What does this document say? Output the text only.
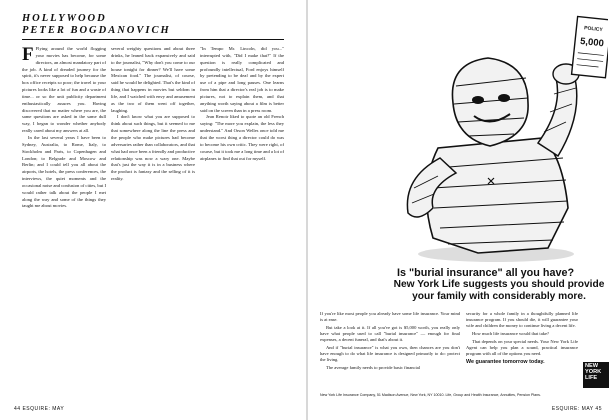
HOLLYWOOD
PETER BOGDANOVICH

F Flying around the world flogging your movies has become, for some directors, an almost mandatory part of the job. A kind of dreaded journey for the spirit, it's never supposed to help because the box office receipts so poor; the travel to your pictures looks like a lot of fun and a waste of time... or so the unit publicity department enthusiastically assures you. Having discovered that no matter where you are, the same questions are asked in the same dull way, I began to wonder whether anybody really cared about my answers at all.

In the last several years I have been to Sydney, Australia, to Rome, Italy, to Stockholm and Paris, to Copenhagen and London; to Belgrade and Moscow and Berlin; and I could tell you all about the airports, the hotels, the press conferences, the interviews, the quiet moments and the occasional noise and confusion of cities, but I would rather talk about the people I met along the way and some of the things they taught me about movies.

several weighty questions and about three drinks, he leaned back expansively and said to the journalist, "Why don't you come to our house tonight for dinner? We'll have some Mexican food." The journalist, of course, said he would be delighted. That's the kind of thing that happens in movies but seldom in life, and I watched with envy and amusement as the two of them went off together, laughing.

I don't know what you are supposed to think about such things, but it seemed to me that somewhere along the line the press and the people who make pictures had become adversaries rather than collaborators, and that what had once been a friendly and productive relationship was now a wary one. Maybe that's just the way it is in a business where the product is fantasy and the selling of it is reality.

"In Tempo Mr. Lincoln, did you..." interrupted with, "Did I make that?" If the question is really complicated and profoundly intellectual, Ford enjoys himself by pretending to be deaf and by the expert use of a pipe and long pauses. One learns from him that a director's real job is to make pictures, not to explain them, and that anything worth saying about a film is better said on the screen than in a press room.

Jean Renoir liked to quote an old French saying: "The more you explain, the less they understand." And Orson Welles once told me that the worst thing a director could do was to become his own critic. They were right, of course, but it took me a long time and a lot of airplanes to find that out for myself.

44 ESQUIRE: MAY
POLICY
5,000
Is "burial insurance" all you have?
New York Life suggests you should provide your family with considerably more.

If you're like most people you already have some life insurance. Your mind is at ease.

But take a look at it. If all you've got is $5,000 worth, you really only have what people used to call "burial insurance" — enough for final expenses, a decent funeral, and that's about it.

And if "burial insurance" is what you own, then chances are you don't have enough to do what life insurance is designed primarily to do: protect the living.

The average family needs to provide basic financial

security for a whole family in a thoughtfully planned life insurance program. If you should die, it will guarantee your wife and children the money to continue living a decent life.

How much life insurance would that take?

That depends on your special needs. Your New York Life Agent can help you plan a sound, practical insurance program with all of the options you need.

We guarantee tomorrow today.
NEW YORK LIFE
New York Life Insurance Company, 51 Madison Avenue, New York, NY 10010. Life, Group and Health Insurance, Annuities, Pension Plans.
ESQUIRE: MAY 45
